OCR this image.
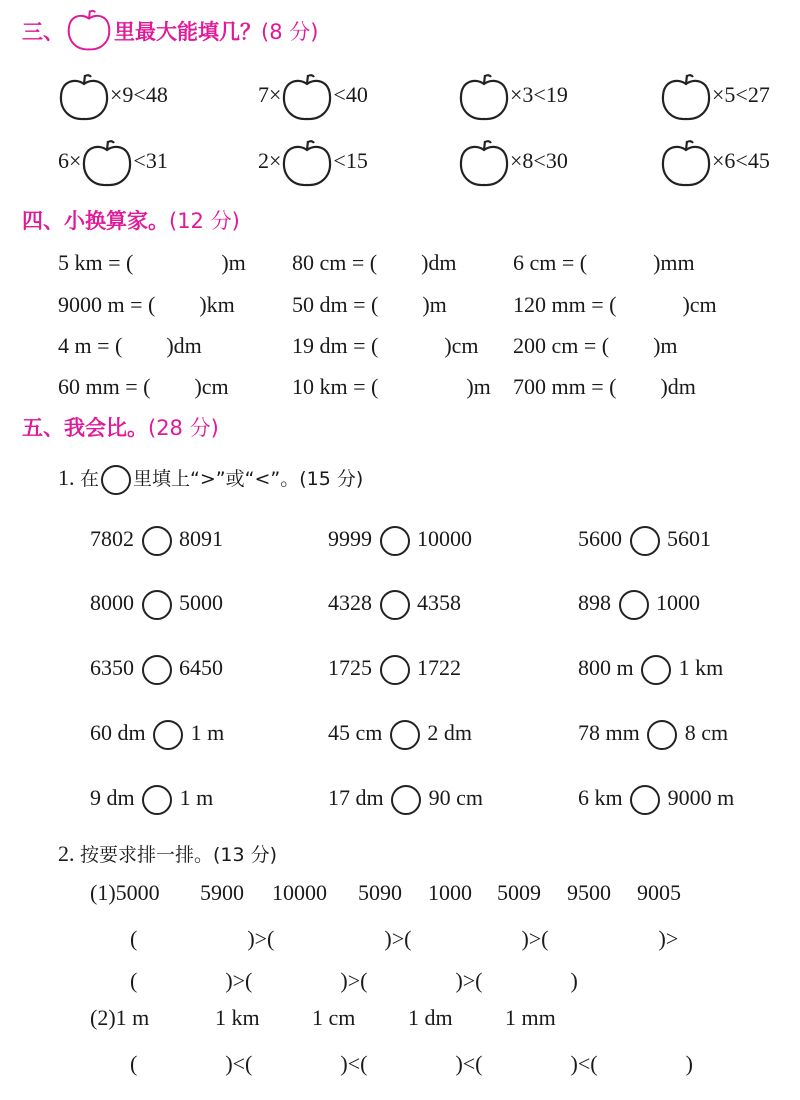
三、 里最大能填几？(8 分)
×9<48	7× <40	×3<19	×5<27
6× <31	2× <15	×8<30	×6<45
四、小换算家。(12 分)
5 km = (　　　　)m 80 cm = (　　)dm	6 cm = (　　　)mm
9000 m = (　　)km	50 dm = (　　)m	120 mm = (　　　)cm
4 m = (　　)dm	19 dm = (　　　)cm 200 cm = (　　)m
60 mm = (　　)cm	10 km = (　　　　)m 700 mm = (　　)dm
五、我会比。(28 分)
1. 在 里填上“>”或“<”。(15 分)
7802 8091	9999 10000	5600 5601
8000 5000	4328 4358	898 1000
6350 6450	1725 1722	800 m 1 km
60 dm 1 m	45 cm 2 dm	78 mm 8 cm
9 dm 1 m	17 dm 90 cm	6 km 9000 m
2. 按要求排一排。(13 分)
(1)5000 5900 10000 5090 1000 5009 9500 9005
(　　　　　)>(　　　　　)>(　　　　　)>(　　　　　)>
(　　　　)>(　　　　)>(　　　　)>(　　　　)
(2)1 m	1 km 1 cm 1 dm 1 mm
(　　　　)<(　　　　)<(　　　　)<(　　　　)<(　　　　)
